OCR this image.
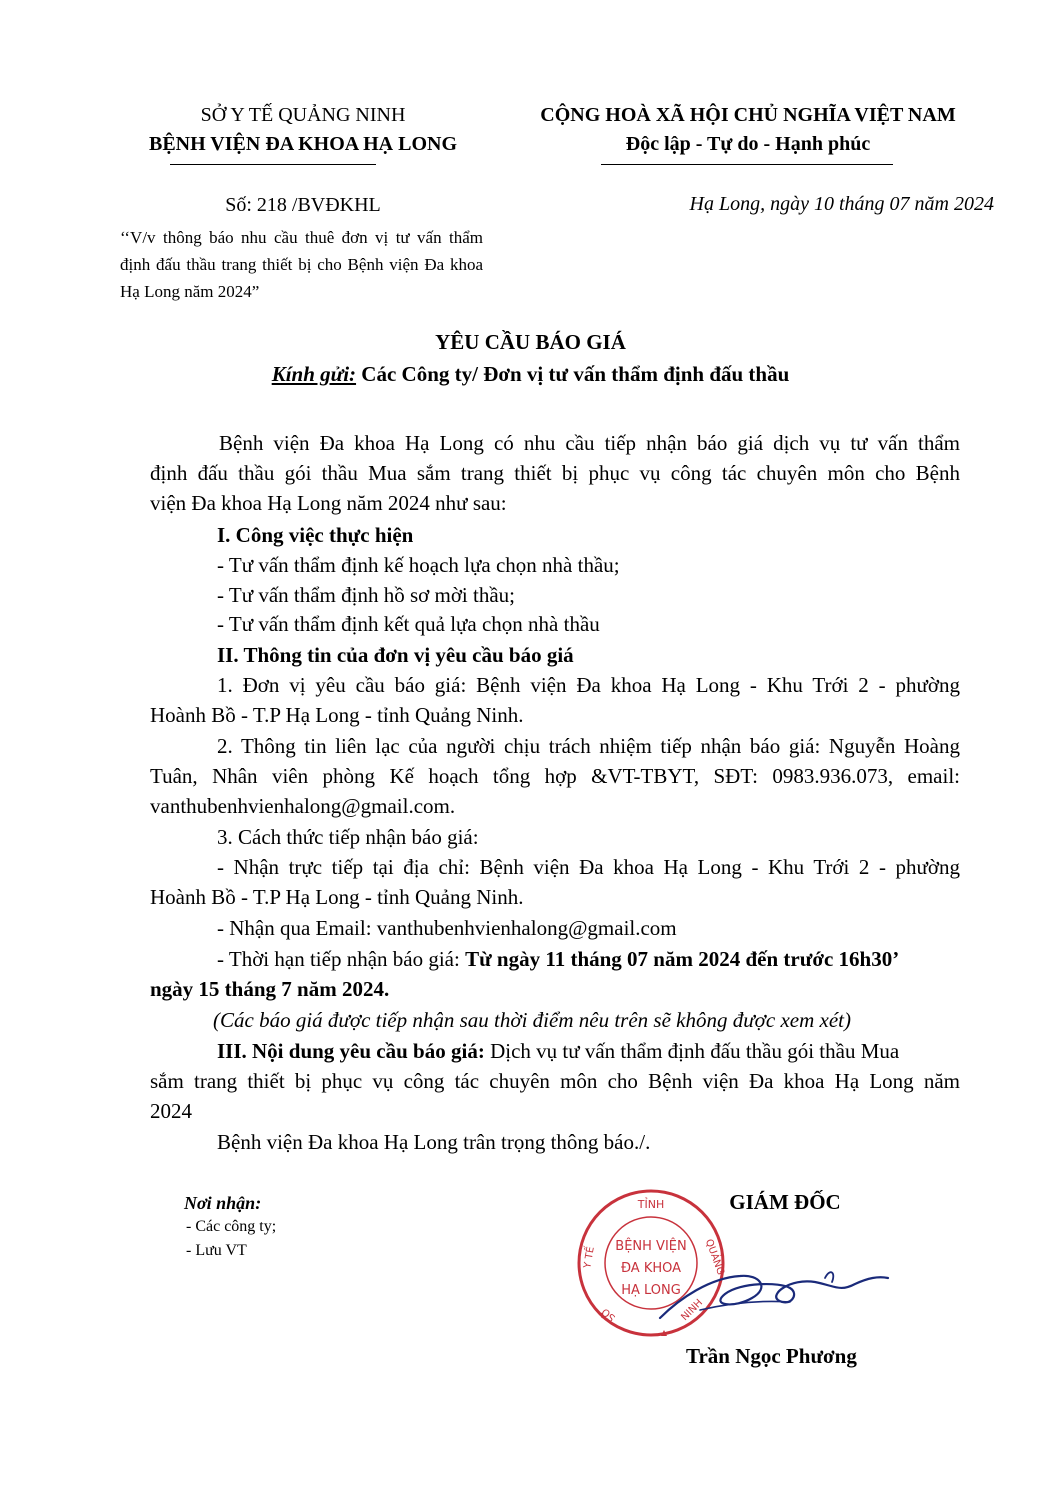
SỞ Y TẾ QUẢNG NINH
BỆNH VIỆN ĐA KHOA HẠ LONG
CỘNG HOÀ XÃ HỘI CHỦ NGHĨA VIỆT NAM
Độc lập - Tự do - Hạnh phúc
Số: 218 /BVĐKHL
‘‘V/v thông báo nhu cầu thuê đơn vị tư vấn thẩm định đấu thầu trang thiết bị cho Bệnh viện Đa khoa Hạ Long năm 2024”
Hạ Long, ngày 10 tháng 07 năm 2024
YÊU CẦU BÁO GIÁ
Kính gửi: Các Công ty/ Đơn vị tư vấn thẩm định đấu thầu
Bệnh viện Đa khoa Hạ Long có nhu cầu tiếp nhận báo giá dịch vụ tư vấn thẩm
định đấu thầu gói thầu Mua sắm trang thiết bị phục vụ công tác chuyên môn cho Bệnh
viện Đa khoa Hạ Long năm 2024 như sau:
I. Công việc thực hiện
- Tư vấn thẩm định kế hoạch lựa chọn nhà thầu;
- Tư vấn thẩm định hồ sơ mời thầu;
- Tư vấn thẩm định kết quả lựa chọn nhà thầu
II. Thông tin của đơn vị yêu cầu báo giá
1. Đơn vị yêu cầu báo giá: Bệnh viện Đa khoa Hạ Long - Khu Trới 2 - phường
Hoành Bồ - T.P Hạ Long - tỉnh Quảng Ninh.
2. Thông tin liên lạc của người chịu trách nhiệm tiếp nhận báo giá: Nguyễn Hoàng
Tuân, Nhân viên phòng Kế hoạch tổng hợp &VT-TBYT, SĐT: 0983.936.073, email:
vanthubenhvienhalong@gmail.com.
3. Cách thức tiếp nhận báo giá:
- Nhận trực tiếp tại địa chỉ: Bệnh viện Đa khoa Hạ Long - Khu Trới 2 - phường
Hoành Bồ - T.P Hạ Long - tỉnh Quảng Ninh.
- Nhận qua Email: vanthubenhvienhalong@gmail.com
- Thời hạn tiếp nhận báo giá: Từ ngày 11 tháng 07 năm 2024 đến trước 16h30’
ngày 15 tháng 7 năm 2024.
(Các báo giá được tiếp nhận sau thời điểm nêu trên sẽ không được xem xét)
III. Nội dung yêu cầu báo giá: Dịch vụ tư vấn thẩm định đấu thầu gói thầu Mua
sắm trang thiết bị phục vụ công tác chuyên môn cho Bệnh viện Đa khoa Hạ Long năm
2024
Bệnh viện Đa khoa Hạ Long trân trọng thông báo./.
Nơi nhận:
- Các công ty;
- Lưu VT
TỈNH
QUẢNG
Y TẾ
SỞ	NINH
BỆNH VIỆN
ĐA KHOA
HẠ LONG
GIÁM ĐỐC
Trần Ngọc Phương
